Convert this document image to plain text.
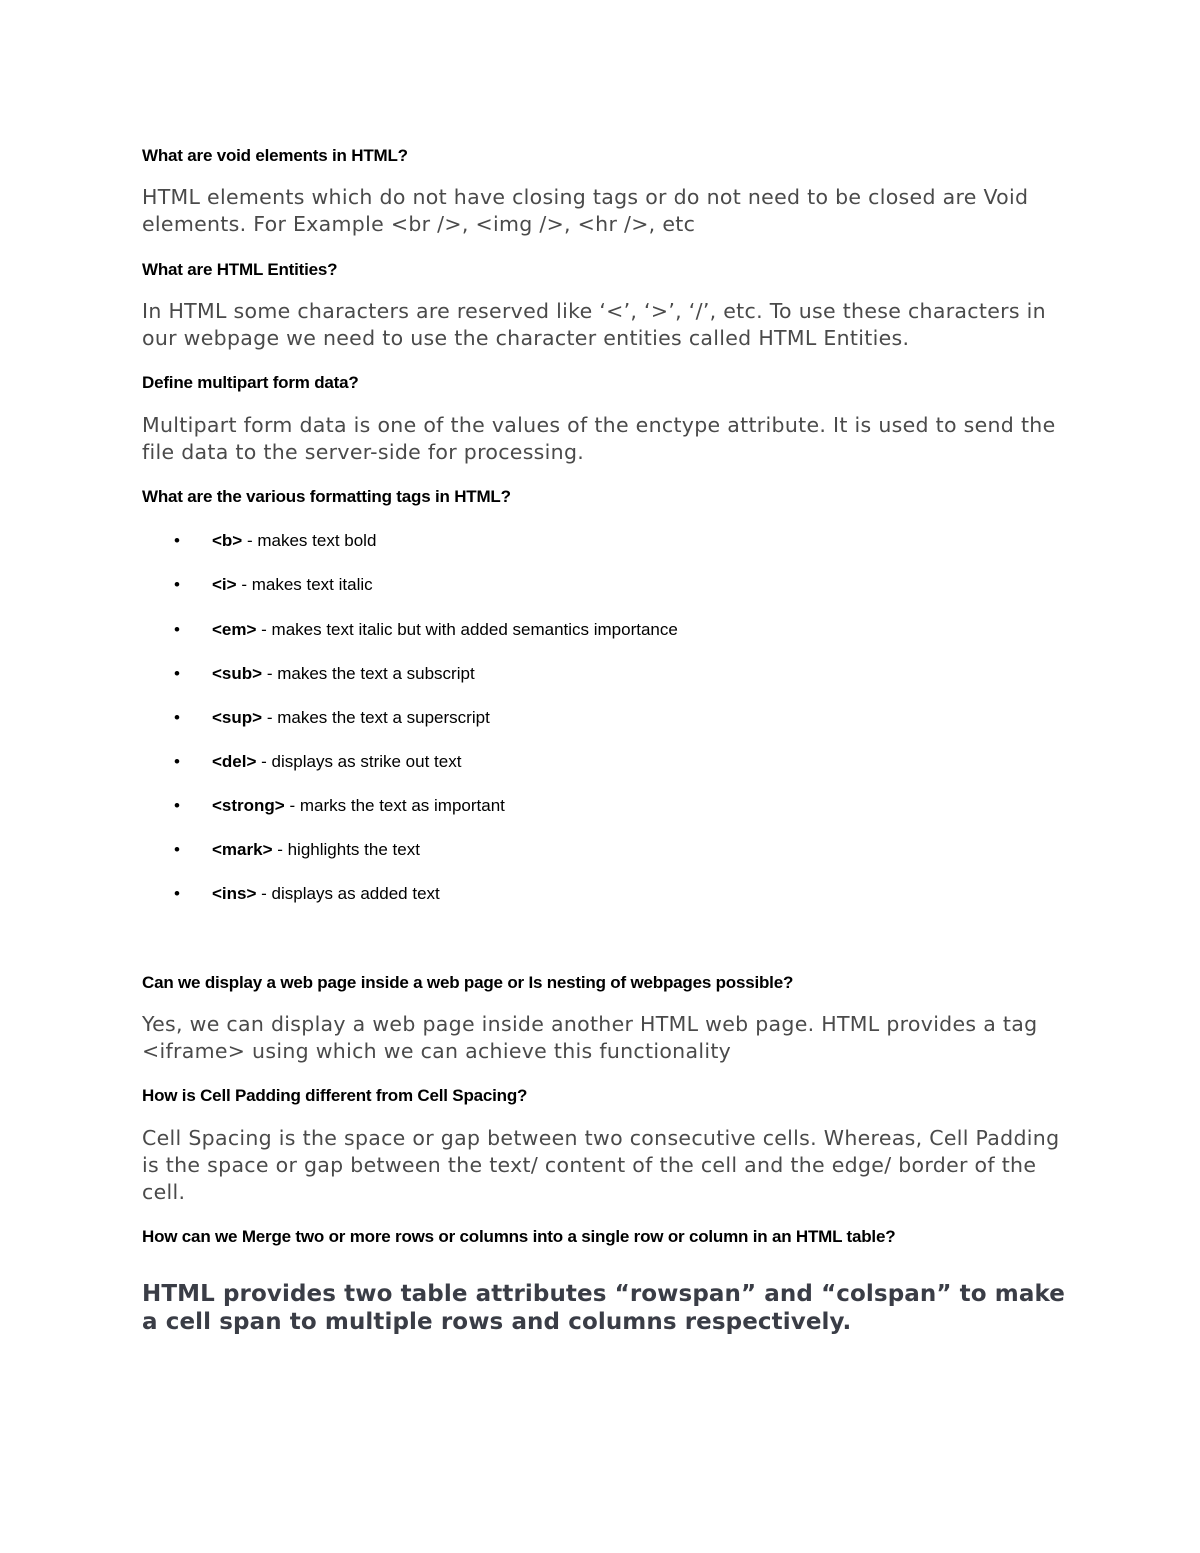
What are void elements in HTML?

HTML elements which do not have closing tags or do not need to be closed are Void elements. For Example <br />, <img />, <hr />, etc

What are HTML Entities?

In HTML some characters are reserved like ‘<’, ‘>’, ‘/’, etc. To use these characters in our webpage we need to use the character entities called HTML Entities.

Define multipart form data?

Multipart form data is one of the values of the enctype attribute. It is used to send the file data to the server-side for processing.

What are the various formatting tags in HTML?

• <b> - makes text bold
• <i> - makes text italic
• <em> - makes text italic but with added semantics importance
• <sub> - makes the text a subscript
• <sup> - makes the text a superscript
• <del> - displays as strike out text
• <strong> - marks the text as important
• <mark> - highlights the text
• <ins> - displays as added text

Can we display a web page inside a web page or Is nesting of webpages possible?

Yes, we can display a web page inside another HTML web page. HTML provides a tag <iframe> using which we can achieve this functionality

How is Cell Padding different from Cell Spacing?

Cell Spacing is the space or gap between two consecutive cells. Whereas, Cell Padding is the space or gap between the text/ content of the cell and the edge/ border of the cell.

How can we Merge two or more rows or columns into a single row or column in an HTML table?

HTML provides two table attributes “rowspan” and “colspan” to make a cell span to multiple rows and columns respectively.
